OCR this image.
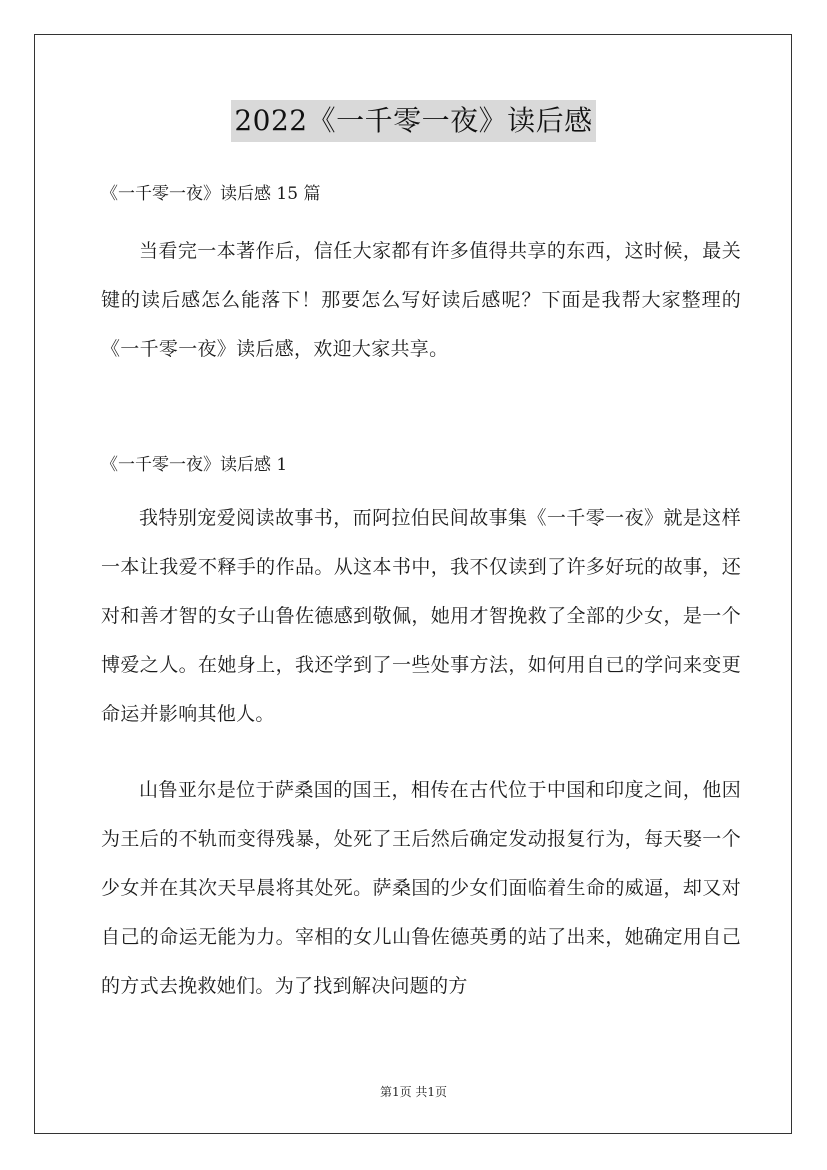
2022《一千零一夜》读后感
《一千零一夜》读后感 15 篇

当看完一本著作后，信任大家都有许多值得共享的东西，这时候，最关键的读后感怎么能落下！那要怎么写好读后感呢？下面是我帮大家整理的《一千零一夜》读后感，欢迎大家共享。

《一千零一夜》读后感 1

我特别宠爱阅读故事书，而阿拉伯民间故事集《一千零一夜》就是这样一本让我爱不释手的作品。从这本书中，我不仅读到了许多好玩的故事，还对和善才智的女子山鲁佐德感到敬佩，她用才智挽救了全部的少女，是一个博爱之人。在她身上，我还学到了一些处事方法，如何用自已的学问来变更命运并影响其他人。

山鲁亚尔是位于萨桑国的国王，相传在古代位于中国和印度之间，他因为王后的不轨而变得残暴，处死了王后然后确定发动报复行为，每天娶一个少女并在其次天早晨将其处死。萨桑国的少女们面临着生命的威逼，却又对自己的命运无能为力。宰相的女儿山鲁佐德英勇的站了出来，她确定用自己的方式去挽救她们。为了找到解决问题的方

第1页 共1页
